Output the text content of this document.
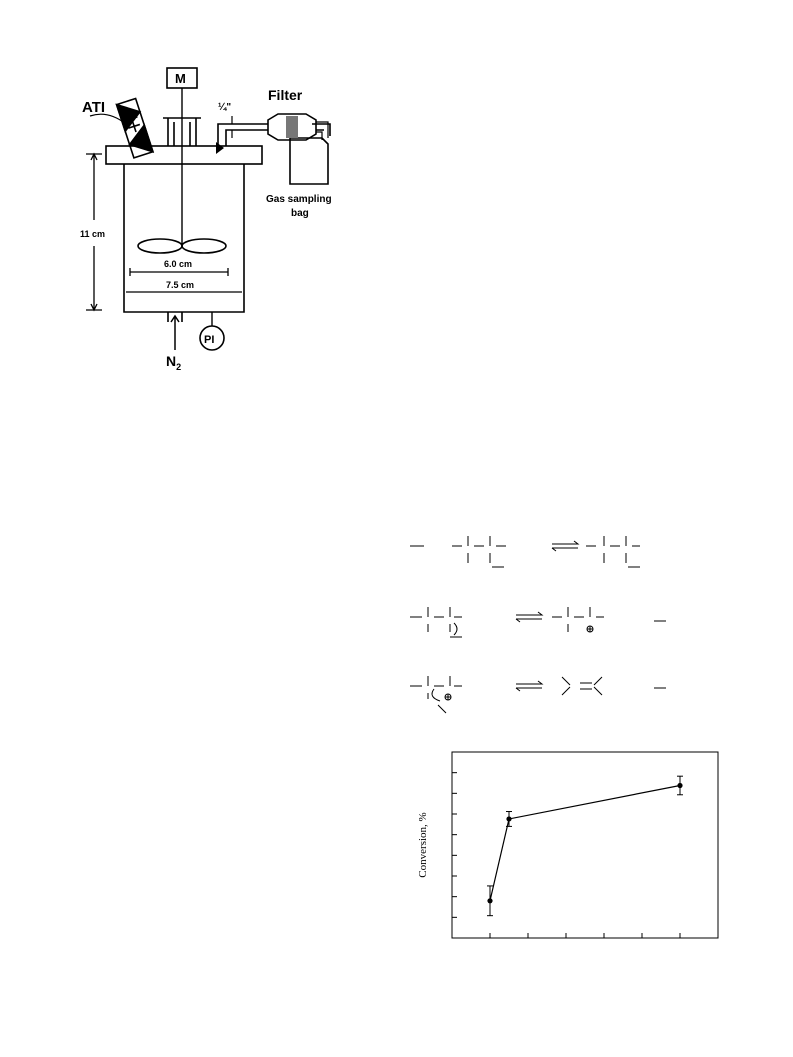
ATI
M
¼"
Filter
Gas sampling
bag
11 cm
6.0 cm
7.5 cm
$N_2$
PI
Conversion, %
